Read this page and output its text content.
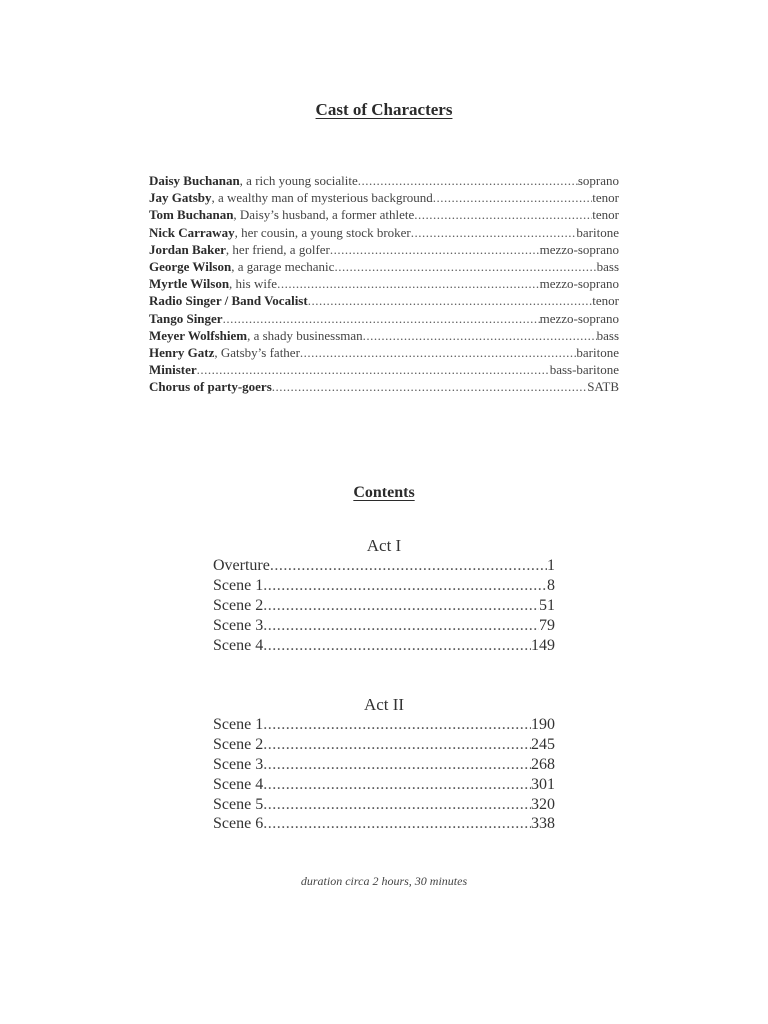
Cast of Characters
Daisy Buchanan , a rich young socialite .....	soprano
Jay Gatsby , a wealthy man of mysterious background .....	tenor
Tom Buchanan , Daisy’s husband, a former athlete .....	tenor
Nick Carraway , her cousin, a young stock broker .....	baritone
Jordan Baker , her friend, a golfer .....	mezzo-soprano
George Wilson , a garage mechanic .....	bass
Myrtle Wilson , his wife .....	mezzo-soprano
Radio Singer / Band Vocalist .....	tenor
Tango Singer .....	mezzo-soprano
Meyer Wolfshiem , a shady businessman .....	bass
Henry Gatz , Gatsby’s father .....	baritone
Minister .....	bass-baritone
Chorus of party-goers .....	SATB
Contents
Act I
Overture .....	1
Scene 1 .....	8
Scene 2 .....	51
Scene 3 .....	79
Scene 4 .....	149
Act II
Scene 1 .....	190
Scene 2 .....	245
Scene 3 .....	268
Scene 4 .....	301
Scene 5 .....	320
Scene 6 .....	338
duration circa 2 hours, 30 minutes
